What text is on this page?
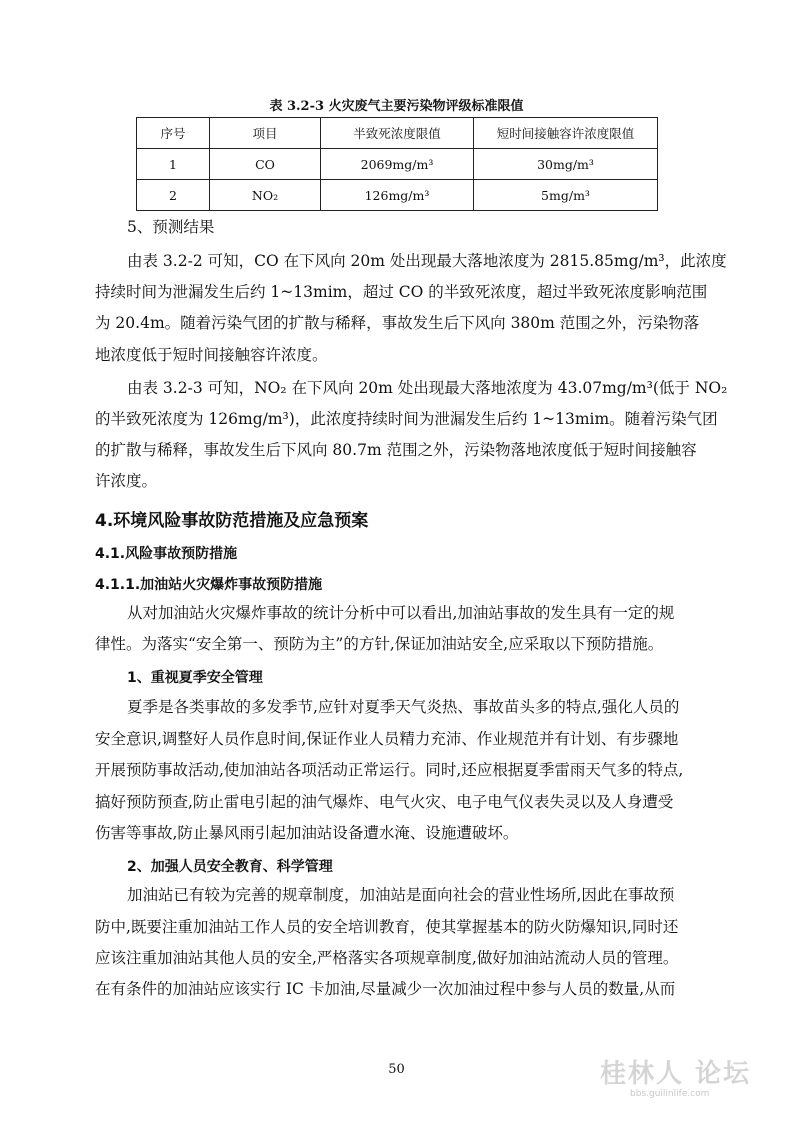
表 3.2-3 火灾废气主要污染物评级标准限值
序号	项目	半致死浓度限值	短时间接触容许浓度限值
1	CO	2069mg/m³	30mg/m³
2	NO₂	126mg/m³	5mg/m³
5、预测结果
由表 3.2-2 可知，CO 在下风向 20m 处出现最大落地浓度为 2815.85mg/m³，此浓度
持续时间为泄漏发生后约 1~13mim，超过 CO 的半致死浓度，超过半致死浓度影响范围
为 20.4m。随着污染气团的扩散与稀释，事故发生后下风向 380m 范围之外，污染物落
地浓度低于短时间接触容许浓度。
由表 3.2-3 可知，NO₂ 在下风向 20m 处出现最大落地浓度为 43.07mg/m³(低于 NO₂
的半致死浓度为 126mg/m³)，此浓度持续时间为泄漏发生后约 1~13mim。随着污染气团
的扩散与稀释，事故发生后下风向 80.7m 范围之外，污染物落地浓度低于短时间接触容
许浓度。
4.环境风险事故防范措施及应急预案
4.1.风险事故预防措施
4.1.1.加油站火灾爆炸事故预防措施
从对加油站火灾爆炸事故的统计分析中可以看出,加油站事故的发生具有一定的规
律性。为落实“安全第一、预防为主”的方针,保证加油站安全,应采取以下预防措施。
1、重视夏季安全管理
夏季是各类事故的多发季节,应针对夏季天气炎热、事故苗头多的特点,强化人员的
安全意识,调整好人员作息时间,保证作业人员精力充沛、作业规范并有计划、有步骤地
开展预防事故活动,使加油站各项活动正常运行。同时,还应根据夏季雷雨天气多的特点,
搞好预防预查,防止雷电引起的油气爆炸、电气火灾、电子电气仪表失灵以及人身遭受
伤害等事故,防止暴风雨引起加油站设备遭水淹、设施遭破坏。
2、加强人员安全教育、科学管理
加油站已有较为完善的规章制度，加油站是面向社会的营业性场所,因此在事故预
防中,既要注重加油站工作人员的安全培训教育，使其掌握基本的防火防爆知识,同时还
应该注重加油站其他人员的安全,严格落实各项规章制度,做好加油站流动人员的管理。
在有条件的加油站应该实行 IC 卡加油,尽量减少一次加油过程中参与人员的数量,从而
50	桂林人 论坛
bbs.guilinlife.com
